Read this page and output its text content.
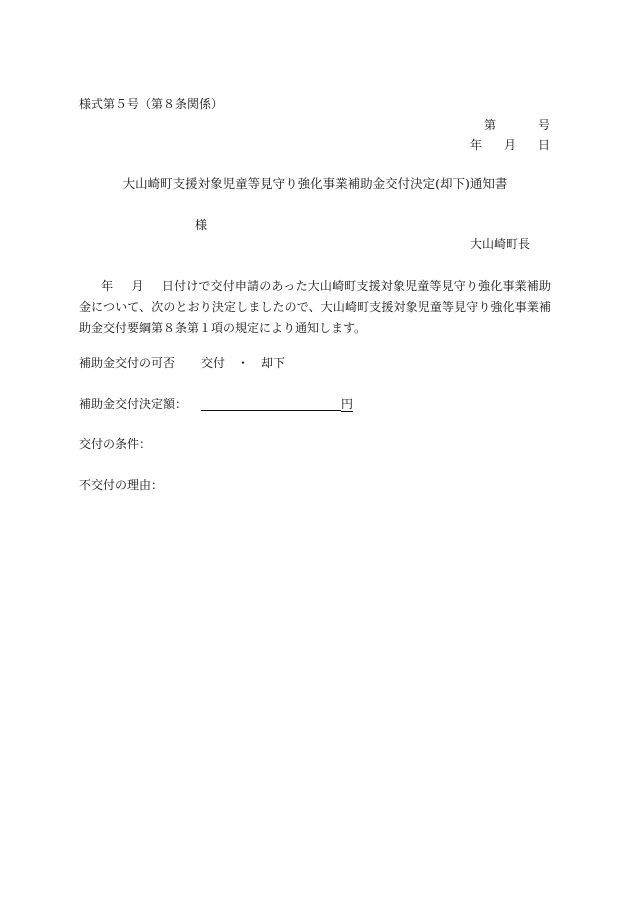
様式第５号（第８条関係）
第	号
年 月 日
大山崎町支援対象児童等見守り強化事業補助金交付決定(却下)通知書
様
大山崎町長
年 月 日付けで交付申請のあった大山崎町支援対象児童等見守り強化事業補助金について、次のとおり決定しましたので、大山崎町支援対象児童等見守り強化事業補助金交付要綱第８条第１項の規定により通知します。
補助金交付の可否 交付　・　却下
補助金交付決定額：	円
交付の条件：
不交付の理由：
